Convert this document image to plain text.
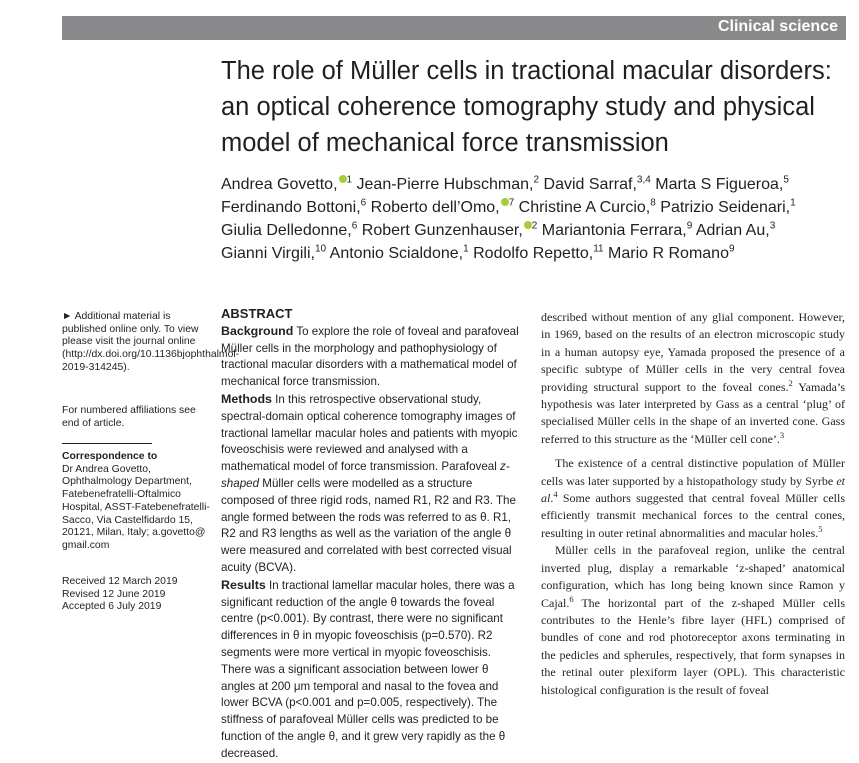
Clinical science
The role of Müller cells in tractional macular disorders: an optical coherence tomography study and physical model of mechanical force transmission

Andrea Govetto, $^1$ Jean-Pierre Hubschman,$^2$ David Sarraf,$^{3,4}$ Marta S Figueroa,$^5$ Ferdinando Bottoni,$^6$ Roberto dell’Omo, $^7$ Christine A Curcio,$^8$ Patrizio Seidenari,$^1$ Giulia Delledonne,$^6$ Robert Gunzenhauser, $^2$ Mariantonia Ferrara,$^9$ Adrian Au,$^3$ Gianni Virgili,$^{10}$ Antonio Scialdone,$^1$ Rodolfo Repetto,$^{11}$ Mario R Romano$^9$

► Additional material is published online only. To view please visit the journal online (http://dx.doi.org/10.1136bjophthalmol-2019-314245).

For numbered affiliations see end of article.

Correspondence to

Dr Andrea Govetto,

Ophthalmology Department,

Fatebenefratelli-Oftalmico

Hospital, ASST-Fatebenefratelli-

Sacco, Via Castelfidardo 15,

20121, Milan, Italy; a.govetto@

gmail.com

Received 12 March 2019

Revised 12 June 2019

Accepted 6 July 2019

ABSTRACT

Background To explore the role of foveal and parafoveal Müller cells in the morphology and pathophysiology of tractional macular disorders with a mathematical model of mechanical force transmission.

Methods In this retrospective observational study, spectral-domain optical coherence tomography images of tractional lamellar macular holes and patients with myopic foveoschisis were reviewed and analysed with a mathematical model of force transmission. Parafoveal z-shaped Müller cells were modelled as a structure composed of three rigid rods, named R1, R2 and R3. The angle formed between the rods was referred to as θ. R1, R2 and R3 lengths as well as the variation of the angle θ were measured and correlated with best corrected visual acuity (BCVA).

Results In tractional lamellar macular holes, there was a significant reduction of the angle θ towards the foveal centre (p<0.001). By contrast, there were no significant differences in θ in myopic foveoschisis (p=0.570). R2 segments were more vertical in myopic foveoschisis. There was a significant association between lower θ angles at 200 μm temporal and nasal to the fovea and lower BCVA (p<0.001 and p=0.005, respectively). The stiffness of parafoveal Müller cells was predicted to be function of the angle θ, and it grew very rapidly as the θ decreased.

described without mention of any glial component. However, in 1969, based on the results of an electron microscopic study in a human autopsy eye, Yamada proposed the presence of a specific subtype of Müller cells in the very central fovea providing structural support to the foveal cones.$^2$ Yamada’s hypothesis was later interpreted by Gass as a central ‘plug’ of specialised Müller cells in the shape of an inverted cone. Gass referred to this structure as the ‘Müller cell cone’.$^3$

The existence of a central distinctive population of Müller cells was later supported by a histopathology study by Syrbe et al.$^4$ Some authors suggested that central foveal Müller cells efficiently transmit mechanical forces to the central cones, resulting in outer retinal abnormalities and macular holes.$^5$

Müller cells in the parafoveal region, unlike the central inverted plug, display a remarkable ‘z-shaped’ anatomical configuration, which has long being known since Ramon y Cajal.$^6$ The horizontal part of the z-shaped Müller cells contributes to the Henle’s fibre layer (HFL) comprised of bundles of cone and rod photoreceptor axons terminating in the pedicles and spherules, respectively, that form synapses in the retinal outer plexiform layer (OPL). This characteristic histological configuration is the result of foveal
